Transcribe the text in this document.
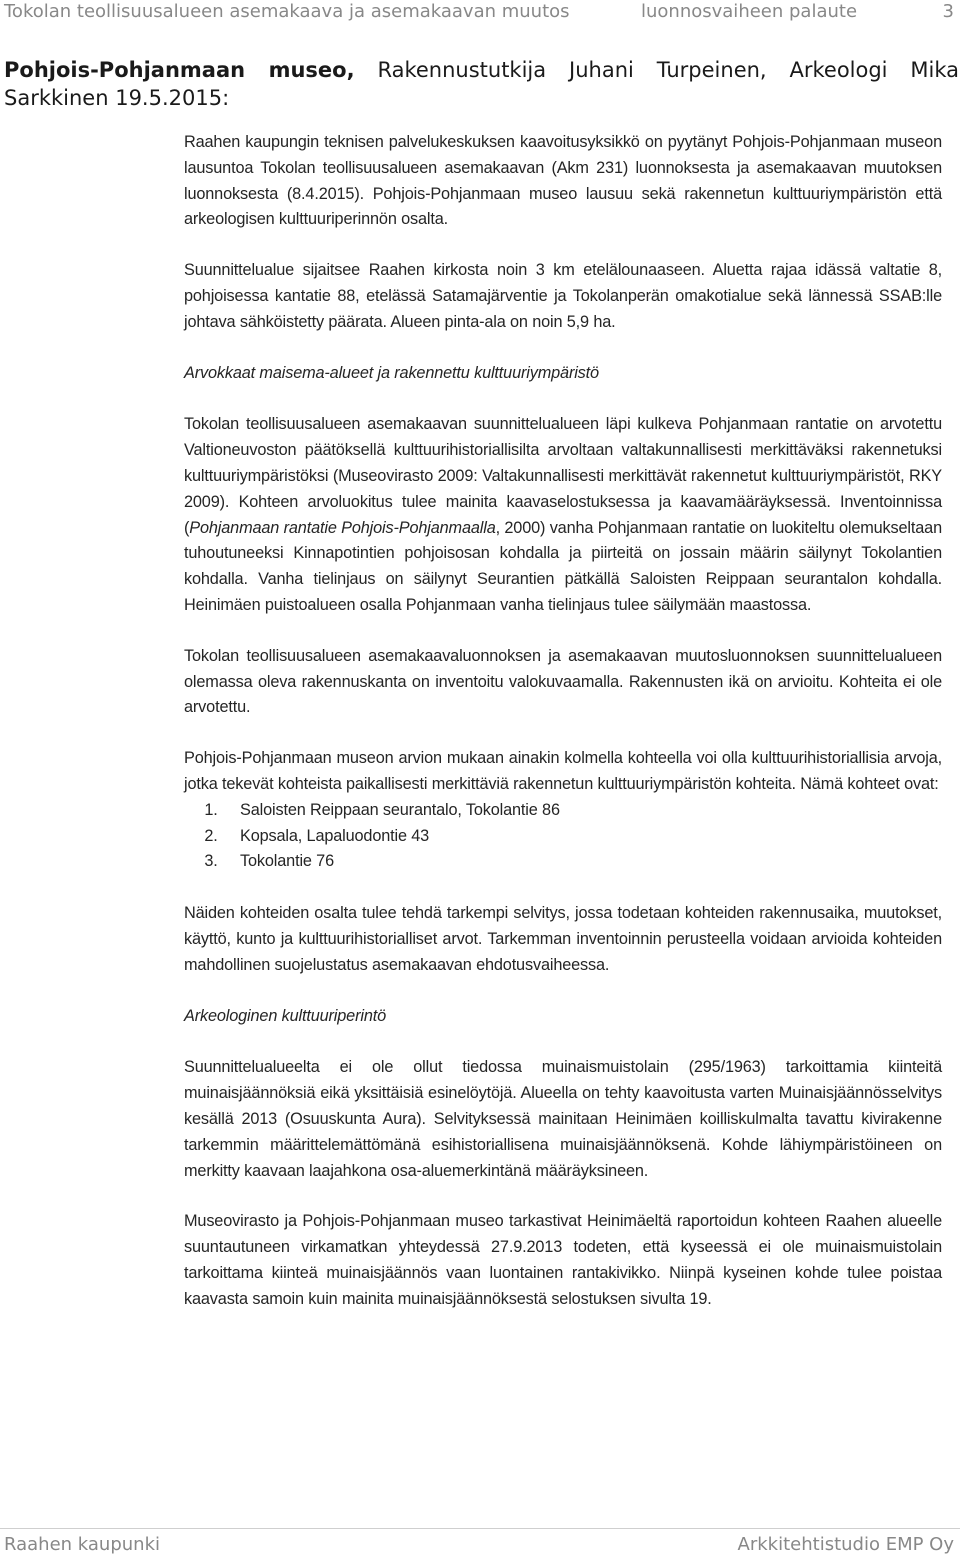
Tokolan teollisuusalueen asemakaava ja asemakaavan muutos	luonnosvaiheen palaute	3
Pohjois-Pohjanmaan museo, Rakennustutkija Juhani Turpeinen, Arkeologi Mika Sarkkinen 19.5.2015:

Raahen kaupungin teknisen palvelukeskuksen kaavoitusyksikkö on pyytänyt Pohjois-Pohjanmaan museon lausuntoa Tokolan teollisuusalueen asemakaavan (Akm 231) luonnoksesta ja asemakaavan muutoksen luonnoksesta (8.4.2015). Pohjois-Pohjanmaan museo lausuu sekä rakennetun kulttuuriympäristön että arkeologisen kulttuuriperinnön osalta.

Suunnittelualue sijaitsee Raahen kirkosta noin 3 km etelälounaaseen. Aluetta rajaa idässä valtatie 8, pohjoisessa kantatie 88, etelässä Satamajärventie ja Tokolanperän omakotialue sekä lännessä SSAB:lle johtava sähköistetty päärata. Alueen pinta-ala on noin 5,9 ha.

Arvokkaat maisema-alueet ja rakennettu kulttuuriympäristö

Tokolan teollisuusalueen asemakaavan suunnittelualueen läpi kulkeva Pohjanmaan rantatie on arvotettu Valtioneuvoston päätöksellä kulttuurihistoriallisilta arvoltaan valtakunnallisesti merkittäväksi rakennetuksi kulttuuriympäristöksi (Museovirasto 2009: Valtakunnallisesti merkittävät rakennetut kulttuuriympäristöt, RKY 2009). Kohteen arvoluokitus tulee mainita kaavaselostuksessa ja kaavamääräyksessä. Inventoinnissa (Pohjanmaan rantatie Pohjois-Pohjanmaalla, 2000) vanha Pohjanmaan rantatie on luokiteltu olemukseltaan tuhoutuneeksi Kinnapotintien pohjoisosan kohdalla ja piirteitä on jossain määrin säilynyt Tokolantien kohdalla. Vanha tielinjaus on säilynyt Seurantien pätkällä Saloisten Reippaan seurantalon kohdalla. Heinimäen puistoalueen osalla Pohjanmaan vanha tielinjaus tulee säilymään maastossa.

Tokolan teollisuusalueen asemakaavaluonnoksen ja asemakaavan muutosluonnoksen suunnittelualueen olemassa oleva rakennuskanta on inventoitu valokuvaamalla. Rakennusten ikä on arvioitu. Kohteita ei ole arvotettu.

Pohjois-Pohjanmaan museon arvion mukaan ainakin kolmella kohteella voi olla kulttuurihistoriallisia arvoja, jotka tekevät kohteista paikallisesti merkittäviä rakennetun kulttuuriympäristön kohteita. Nämä kohteet ovat:

1. Saloisten Reippaan seurantalo, Tokolantie 86
2. Kopsala, Lapaluodontie 43
3. Tokolantie 76

Näiden kohteiden osalta tulee tehdä tarkempi selvitys, jossa todetaan kohteiden rakennusaika, muutokset, käyttö, kunto ja kulttuurihistorialliset arvot. Tarkemman inventoinnin perusteella voidaan arvioida kohteiden mahdollinen suojelustatus asemakaavan ehdotusvaiheessa.

Arkeologinen kulttuuriperintö

Suunnittelualueelta ei ole ollut tiedossa muinaismuistolain (295/1963) tarkoittamia kiinteitä muinaisjäännöksiä eikä yksittäisiä esinelöytöjä. Alueella on tehty kaavoitusta varten Muinaisjäännösselvitys kesällä 2013 (Osuuskunta Aura). Selvityksessä mainitaan Heinimäen koilliskulmalta tavattu kivirakenne tarkemmin määrittelemättömänä esihistoriallisena muinaisjäännöksenä. Kohde lähiympäristöineen on merkitty kaavaan laajahkona osa-aluemerkintänä määräyksineen.

Museovirasto ja Pohjois-Pohjanmaan museo tarkastivat Heinimäeltä raportoidun kohteen Raahen alueelle suuntautuneen virkamatkan yhteydessä 27.9.2013 todeten, että kyseessä ei ole muinaismuistolain tarkoittama kiinteä muinaisjäännös vaan luontainen rantakivikko. Niinpä kyseinen kohde tulee poistaa kaavasta samoin kuin mainita muinaisjäännöksestä selostuksen sivulta 19.

Raahen kaupunki	Arkkitehtistudio EMP Oy
